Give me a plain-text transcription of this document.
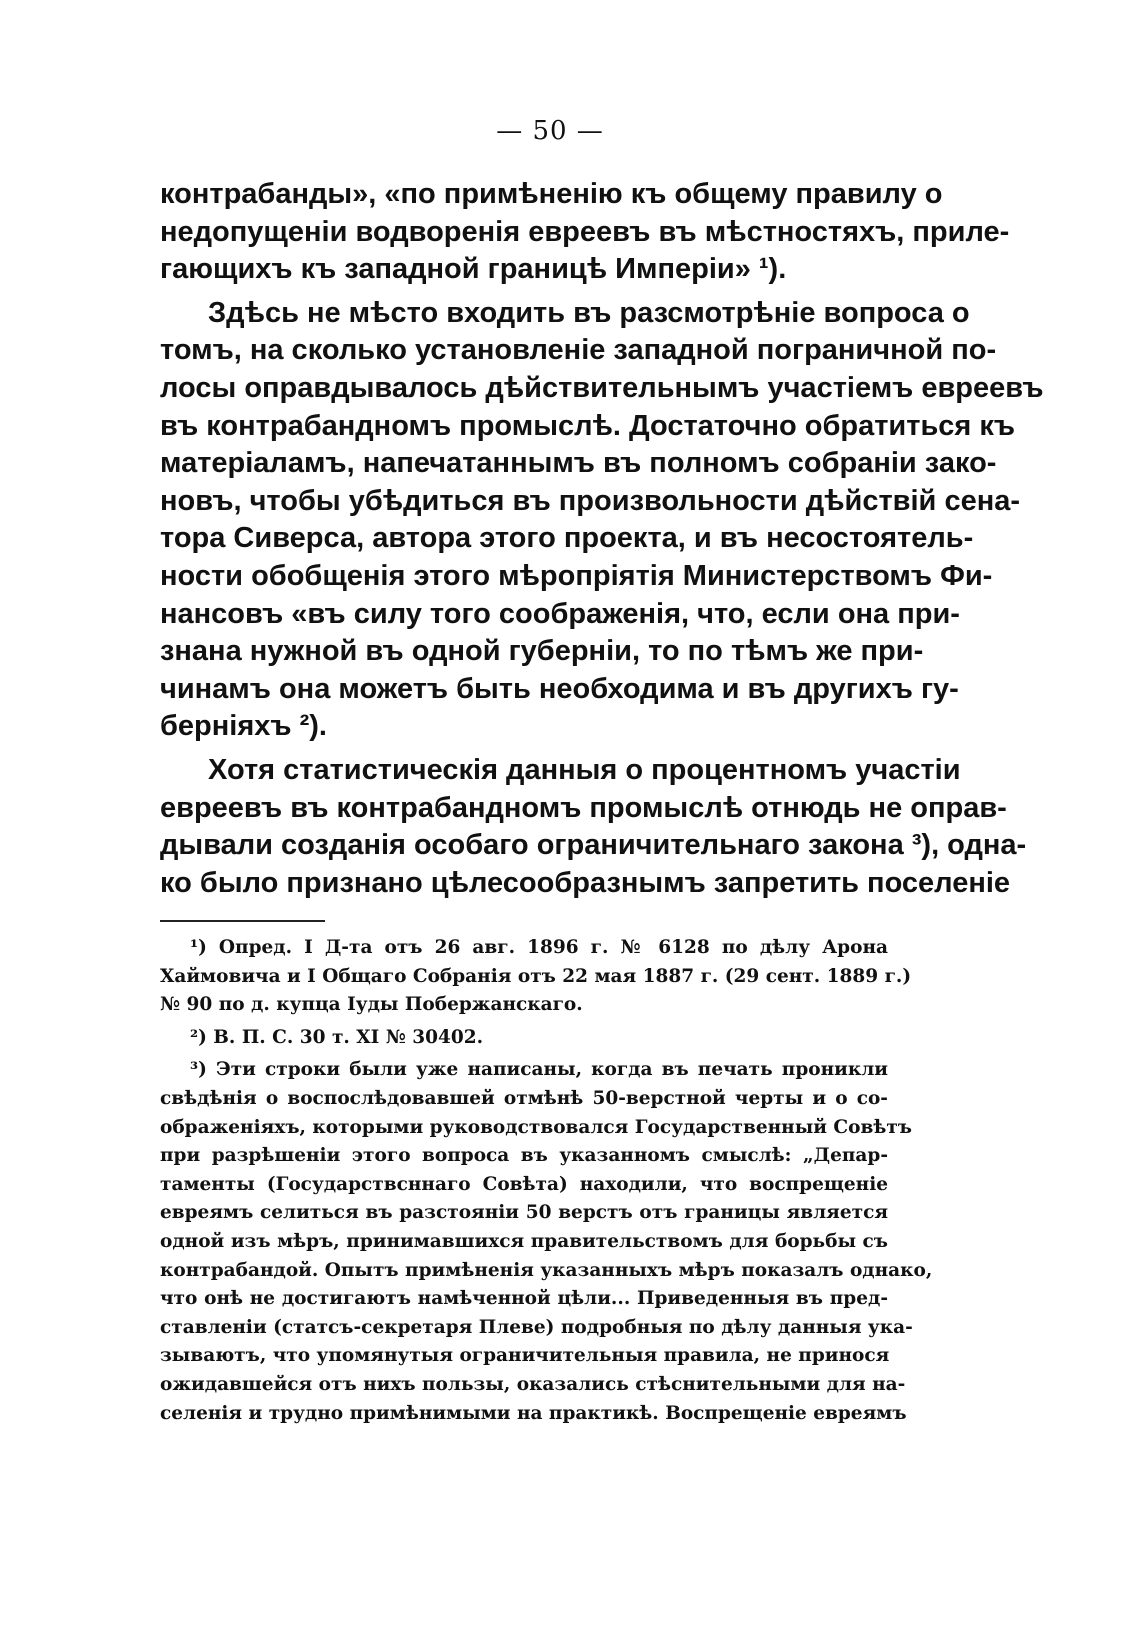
— 50 —
контрабанды», «по примѣненію къ общему правилу о
недопущеніи водворенія евреевъ въ мѣстностяхъ, приле-
гающихъ къ западной границѣ Имперіи» ¹).
Здѣсь не мѣсто входить въ разсмотрѣніе вопроса о
томъ, на сколько установленіе западной пограничной по-
лосы оправдывалось дѣйствительнымъ участіемъ евреевъ
въ контрабандномъ промыслѣ. Достаточно обратиться къ
матеріаламъ, напечатаннымъ въ полномъ собраніи зако-
новъ, чтобы убѣдиться въ произвольности дѣйствій сена-
тора Сиверса, автора этого проекта, и въ несостоятель-
ности обобщенія этого мѣропріятія Министерствомъ Фи-
нансовъ «въ силу того соображенія, что, если она при-
знана нужной въ одной губерніи, то по тѣмъ же при-
чинамъ она можетъ быть необходима и въ другихъ гу-
берніяхъ ²).
Хотя статистическія данныя о процентномъ участіи
евреевъ въ контрабандномъ промыслѣ отнюдь не оправ-
дывали созданія особаго ограничительнаго закона ³), одна-
ко было признано цѣлесообразнымъ запретить поселеніе
¹) Опред. I Д-та отъ 26 авг. 1896 г. № 6128 по дѣлу Арона
Хаймовича и I Общаго Собранія отъ 22 мая 1887 г. (29 сент. 1889 г.)
№ 90 по д. купца Іуды Побержанскаго.
²) В. П. С. 30 т. XI № 30402.
³) Эти строки были уже написаны, когда въ печать проникли
свѣдѣнія о воспослѣдовавшей отмѣнѣ 50-верстной черты и о со-
ображеніяхъ, которыми руководствовался Государственный Совѣтъ
при разрѣшеніи этого вопроса въ указанномъ смыслѣ: „Депар-
таменты (Государствсннаго Совѣта) находили, что воспрещеніе
евреямъ селиться въ разстояніи 50 верстъ отъ границы является
одной изъ мѣръ, принимавшихся правительствомъ для борьбы съ
контрабандой. Опытъ примѣненія указанныхъ мѣръ показалъ однако,
что онѣ не достигаютъ намѣченной цѣли... Приведенныя въ пред-
ставленіи (статсъ-секретаря Плеве) подробныя по дѣлу данныя ука-
зываютъ, что упомянутыя ограничительныя правила, не принося
ожидавшейся отъ нихъ пользы, оказались стѣснительными для на-
селенія и трудно примѣнимыми на практикѣ. Воспрещеніе евреямъ
